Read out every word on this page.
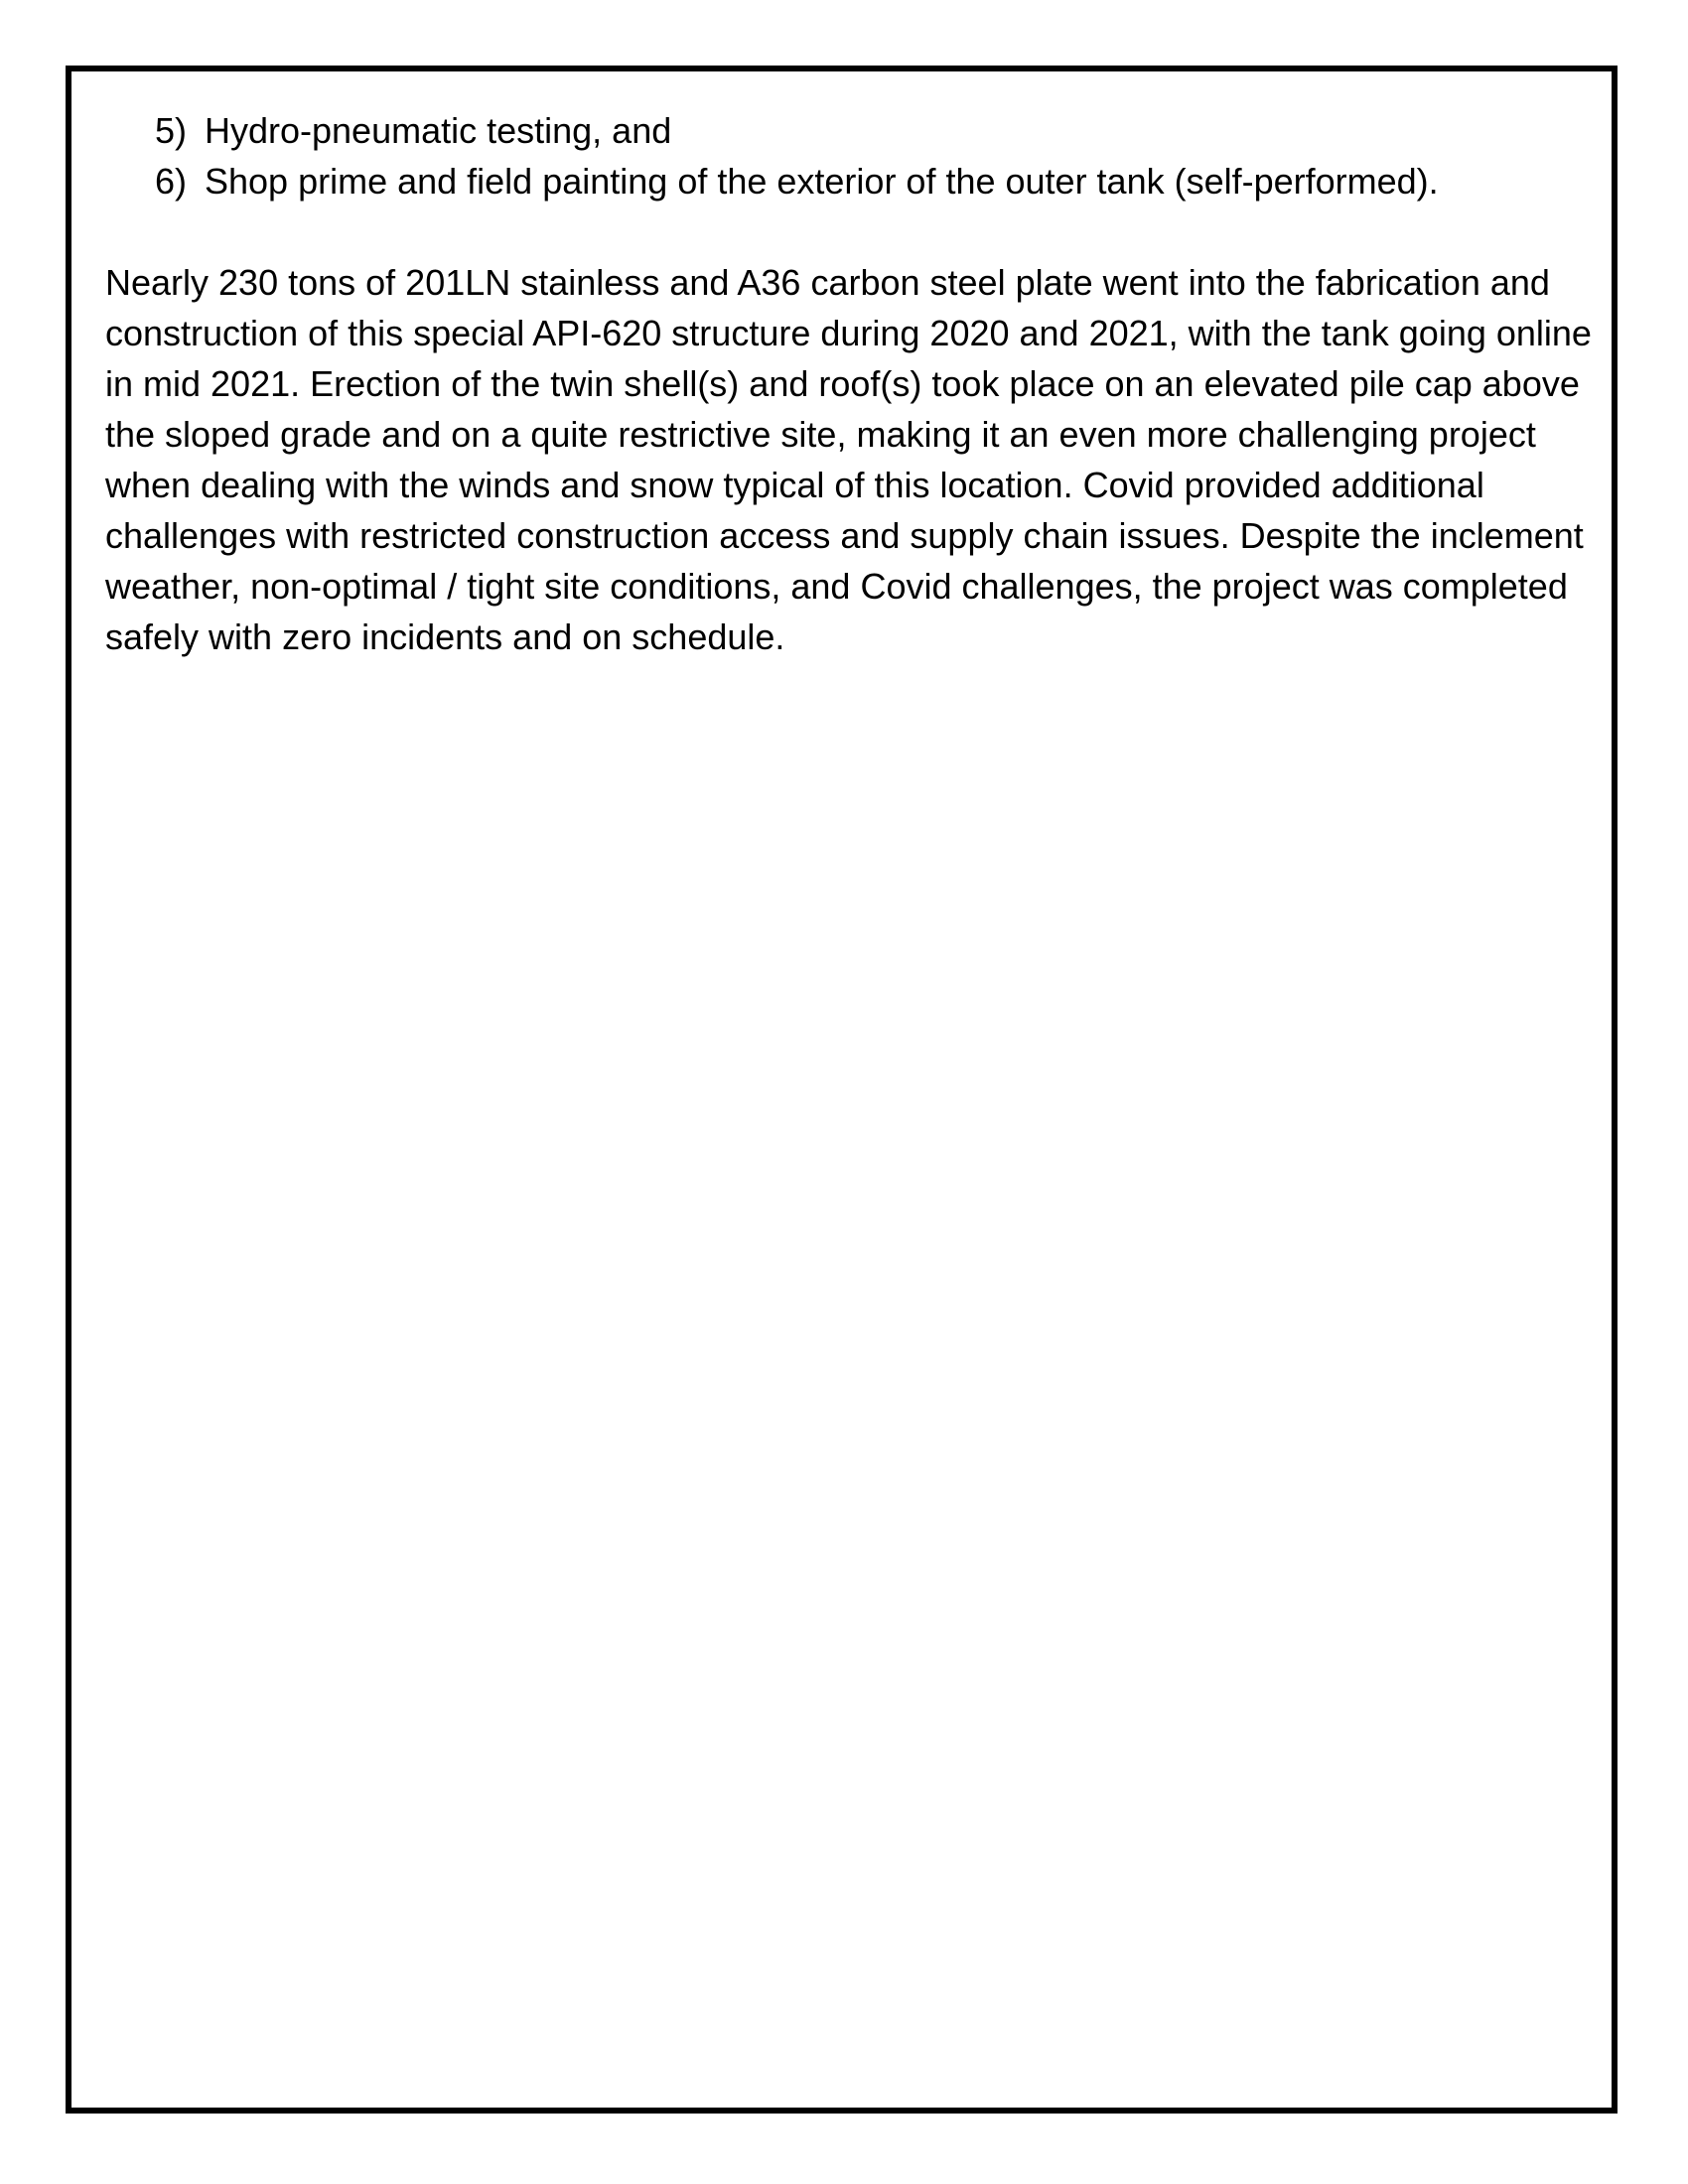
5) Hydro-pneumatic testing, and
6) Shop prime and field painting of the exterior of the outer tank (self-performed).

Nearly 230 tons of 201LN stainless and A36 carbon steel plate went into the fabrication and construction of this special API-620 structure during 2020 and 2021, with the tank going online in mid 2021. Erection of the twin shell(s) and roof(s) took place on an elevated pile cap above the sloped grade and on a quite restrictive site, making it an even more challenging project when dealing with the winds and snow typical of this location. Covid provided additional challenges with restricted construction access and supply chain issues. Despite the inclement weather, non-optimal / tight site conditions, and Covid challenges, the project was completed safely with zero incidents and on schedule.
